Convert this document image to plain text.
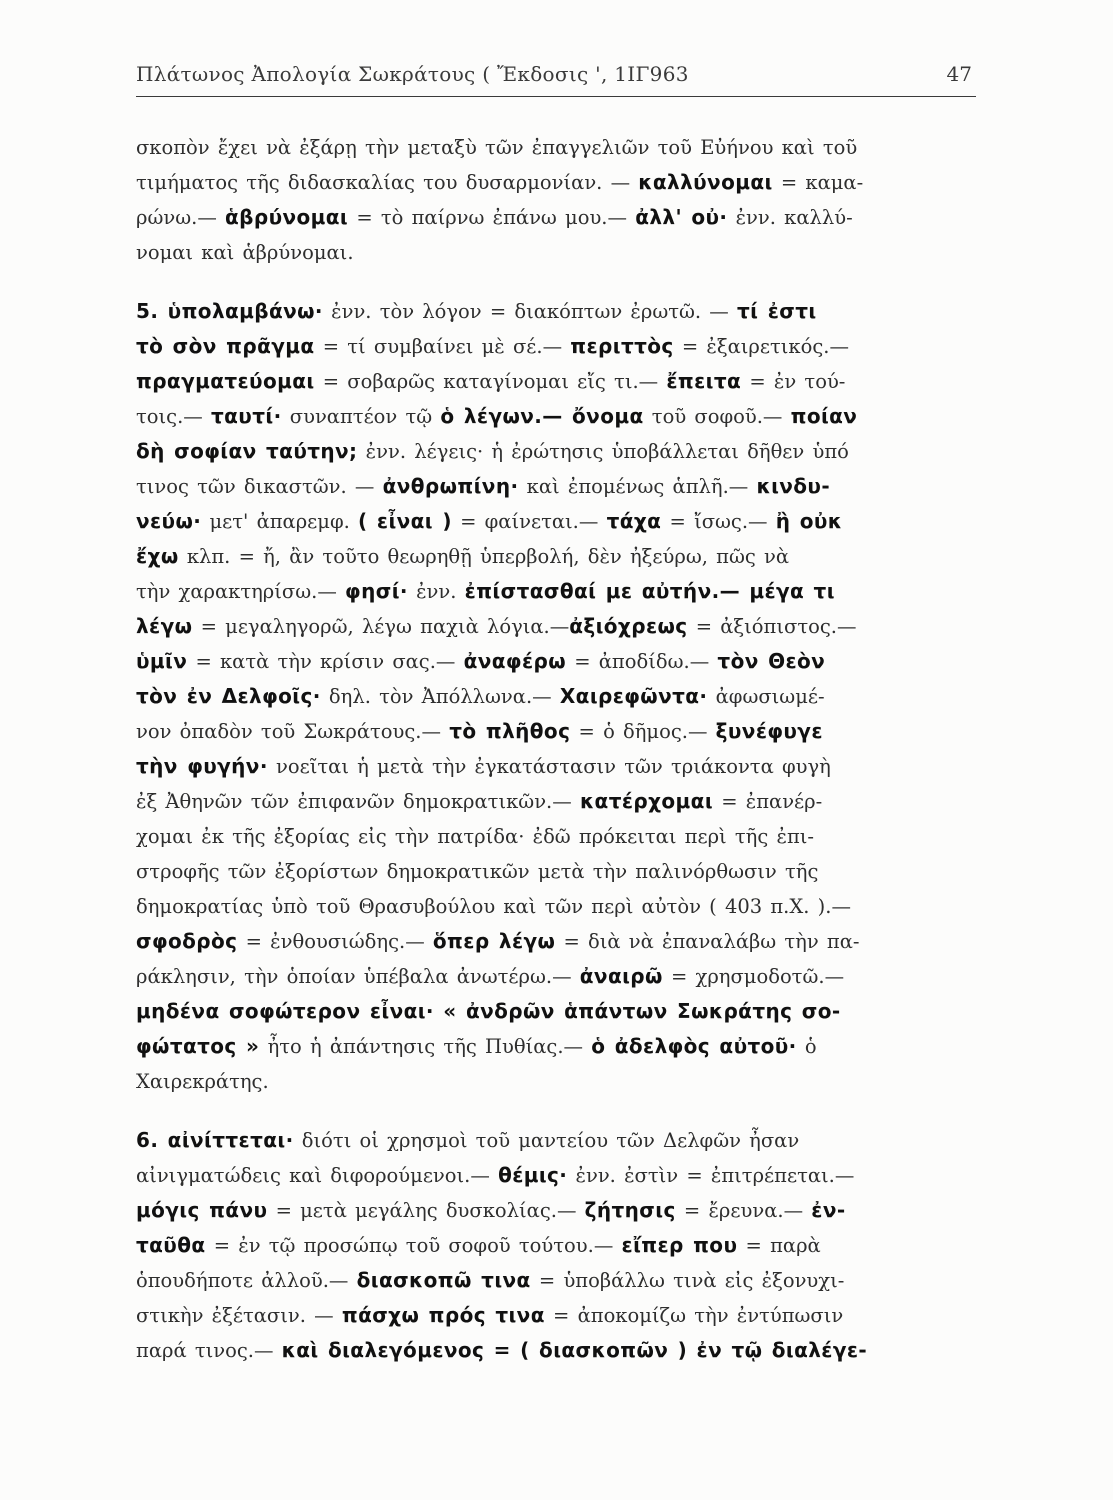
Πλάτωνος Ἀπολογία Σωκράτους ( Ἔκδοσις ', 1ΙΓ963	47
σκοπὸν ἔχει νὰ ἐξάρῃ τὴν μεταξὺ τῶν ἐπαγγελιῶν τοῦ Εὐήνου καὶ τοῦ
τιμήματος τῆς διδασκαλίας του δυσαρμονίαν. — καλλύνομαι = καμα-
ρώνω.— ἁβρύνομαι = τὸ παίρνω ἐπάνω μου.— ἀλλ' οὐ· ἐνν. καλλύ-
νομαι καὶ ἁβρύνομαι.
5. ὑπολαμβάνω· ἐνν. τὸν λόγον = διακόπτων ἐρωτῶ. — τί ἐστι
τὸ σὸν πρᾶγμα = τί συμβαίνει μὲ σέ.— περιττὸς = ἐξαιρετικός.—
πραγματεύομαι = σοβαρῶς καταγίνομαι εἴς τι.— ἔπειτα = ἐν τού-
τοις.— ταυτί· συναπτέον τῷ ὁ λέγων.— ὄνομα τοῦ σοφοῦ.— ποίαν
δὴ σοφίαν ταύτην; ἐνν. λέγεις· ἡ ἐρώτησις ὑποβάλλεται δῆθεν ὑπό
τινος τῶν δικαστῶν. — ἀνθρωπίνη· καὶ ἐπομένως ἁπλῆ.— κινδυ-
νεύω· μετ' ἀπαρεμφ. ( εἶναι ) = φαίνεται.— τάχα = ἴσως.— ἢ οὐκ
ἔχω κλπ. = ἤ, ἂν τοῦτο θεωρηθῇ ὑπερβολή, δὲν ἠξεύρω, πῶς νὰ
τὴν χαρακτηρίσω.— φησί· ἐνν. ἐπίστασθαί με αὐτήν.— μέγα τι
λέγω = μεγαληγορῶ, λέγω παχιὰ λόγια.—ἀξιόχρεως = ἀξιόπιστος.—
ὑμῖν = κατὰ τὴν κρίσιν σας.— ἀναφέρω = ἀποδίδω.— τὸν Θεὸν
τὸν ἐν Δελφοῖς· δηλ. τὸν Ἀπόλλωνα.— Χαιρεφῶντα· ἀφωσιωμέ-
νον ὀπαδὸν τοῦ Σωκράτους.— τὸ πλῆθος = ὁ δῆμος.— ξυνέφυγε
τὴν φυγήν· νοεῖται ἡ μετὰ τὴν ἐγκατάστασιν τῶν τριάκοντα φυγὴ
ἐξ Ἀθηνῶν τῶν ἐπιφανῶν δημοκρατικῶν.— κατέρχομαι = ἐπανέρ-
χομαι ἐκ τῆς ἐξορίας εἰς τὴν πατρίδα· ἐδῶ πρόκειται περὶ τῆς ἐπι-
στροφῆς τῶν ἐξορίστων δημοκρατικῶν μετὰ τὴν παλινόρθωσιν τῆς
δημοκρατίας ὑπὸ τοῦ Θρασυβούλου καὶ τῶν περὶ αὐτὸν ( 403 π.Χ. ).—
σφοδρὸς = ἐνθουσιώδης.— ὅπερ λέγω = διὰ νὰ ἐπαναλάβω τὴν πα-
ράκλησιν, τὴν ὁποίαν ὑπέβαλα ἀνωτέρω.— ἀναιρῶ = χρησμοδοτῶ.—
μηδένα σοφώτερον εἶναι· « ἀνδρῶν ἁπάντων Σωκράτης σο-
φώτατος » ἦτο ἡ ἀπάντησις τῆς Πυθίας.— ὁ ἀδελφὸς αὐτοῦ· ὁ
Χαιρεκράτης.
6. αἰνίττεται· διότι οἱ χρησμοὶ τοῦ μαντείου τῶν Δελφῶν ἦσαν
αἰνιγματώδεις καὶ διφορούμενοι.— θέμις· ἐνν. ἐστὶν = ἐπιτρέπεται.—
μόγις πάνυ = μετὰ μεγάλης δυσκολίας.— ζήτησις = ἔρευνα.— ἐν-
ταῦθα = ἐν τῷ προσώπῳ τοῦ σοφοῦ τούτου.— εἴπερ που = παρὰ
ὁπουδήποτε ἀλλοῦ.— διασκοπῶ τινα = ὑποβάλλω τινὰ εἰς ἐξονυχι-
στικὴν ἐξέτασιν. — πάσχω πρός τινα = ἀποκομίζω τὴν ἐντύπωσιν
παρά τινος.— καὶ διαλεγόμενος = ( διασκοπῶν ) ἐν τῷ διαλέγε-
